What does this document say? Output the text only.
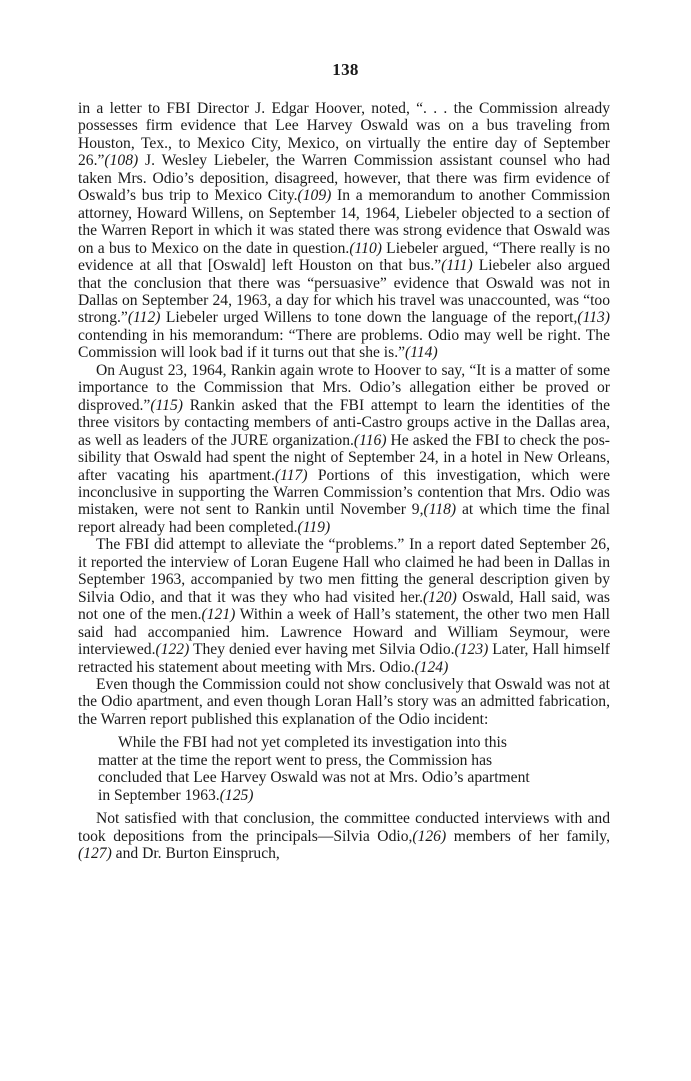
138

in a letter to FBI Director J. Edgar Hoover, noted, “. . . the Commission already possesses firm evidence that Lee Harvey Oswald was on a bus traveling from Houston, Tex., to Mexico City, Mexico, on virtually the entire day of September 26.”(108) J. Wesley Liebeler, the Warren Commission assistant counsel who had taken Mrs. Odio’s deposition, disagreed, however, that there was firm evidence of Oswald’s bus trip to Mexico City.(109) In a memorandum to another Commission attorney, Howard Willens, on September 14, 1964, Liebeler objected to a section of the Warren Report in which it was stated there was strong evidence that Oswald was on a bus to Mexico on the date in question.(110) Liebeler argued, “There really is no evidence at all that [Oswald] left Houston on that bus.”(111) Liebeler also argued that the conclusion that there was “persuasive” evidence that Oswald was not in Dallas on September 24, 1963, a day for which his travel was unaccounted, was “too strong.”(112) Liebeler urged Willens to tone down the language of the report,(113) contending in his memorandum: “There are problems. Odio may well be right. The Commission will look bad if it turns out that she is.”(114)

On August 23, 1964, Rankin again wrote to Hoover to say, “It is a matter of some importance to the Commission that Mrs. Odio’s allegation either be proved or disproved.”(115) Rankin asked that the FBI attempt to learn the identities of the three visitors by contacting members of anti-Castro groups active in the Dallas area, as well as leaders of the JURE organization.(116) He asked the FBI to check the possibility that Oswald had spent the night of September 24, in a hotel in New Orleans, after vacating his apartment.(117) Portions of this investigation, which were inconclusive in supporting the Warren Commission’s contention that Mrs. Odio was mistaken, were not sent to Rankin until November 9,(118) at which time the final report already had been completed.(119)

The FBI did attempt to alleviate the “problems.” In a report dated September 26, it reported the interview of Loran Eugene Hall who claimed he had been in Dallas in September 1963, accompanied by two men fitting the general description given by Silvia Odio, and that it was they who had visited her.(120) Oswald, Hall said, was not one of the men.(121) Within a week of Hall’s statement, the other two men Hall said had accompanied him. Lawrence Howard and William Seymour, were interviewed.(122) They denied ever having met Silvia Odio.(123) Later, Hall himself retracted his statement about meeting with Mrs. Odio.(124)

Even though the Commission could not show conclusively that Oswald was not at the Odio apartment, and even though Loran Hall’s story was an admitted fabrication, the Warren report published this explanation of the Odio incident:

While the FBI had not yet completed its investigation into this matter at the time the report went to press, the Commission has concluded that Lee Harvey Oswald was not at Mrs. Odio’s apartment in September 1963.(125)

Not satisfied with that conclusion, the committee conducted interviews with and took depositions from the principals—Silvia Odio,(126) members of her family,(127) and Dr. Burton Einspruch,
